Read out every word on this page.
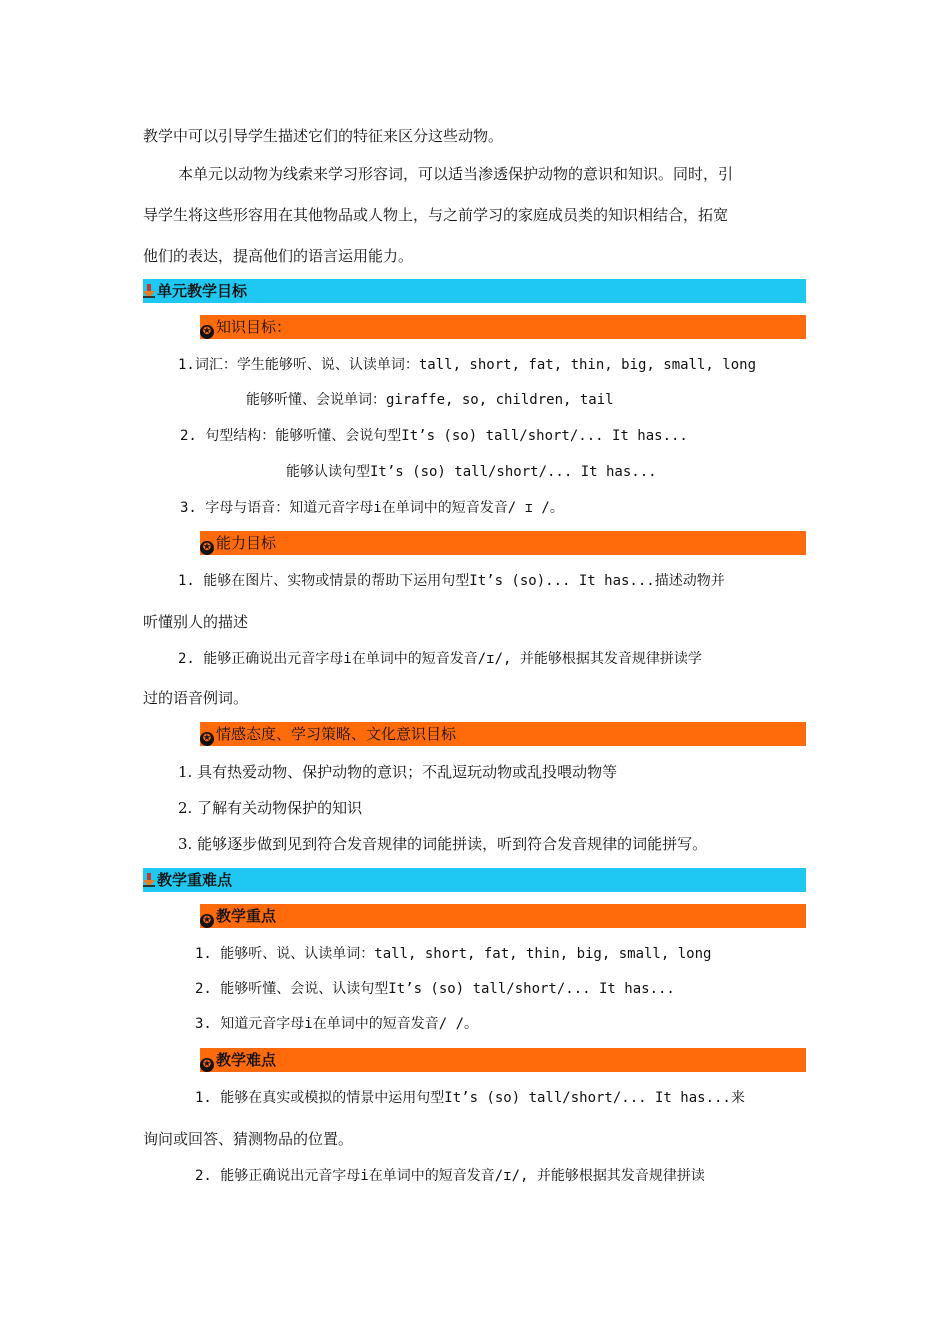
教学中可以引导学生描述它们的特征来区分这些动物。
本单元以动物为线索来学习形容词，可以适当渗透保护动物的意识和知识。同时，引
导学生将这些形容用在其他物品或人物上，与之前学习的家庭成员类的知识相结合，拓宽
他们的表达，提高他们的语言运用能力。
单元教学目标
✪ 知识目标：
1.词汇：学生能够听、说、认读单词：tall, short, fat, thin, big, small, long
能够听懂、会说单词：giraffe, so, children, tail
2. 句型结构：能够听懂、会说句型It’s (so) tall/short/... It has...
能够认读句型It’s (so) tall/short/... It has...
3. 字母与语音：知道元音字母i在单词中的短音发音/ ɪ /。
✪ 能力目标
1. 能够在图片、实物或情景的帮助下运用句型It’s (so)... It has...描述动物并
听懂别人的描述
2. 能够正确说出元音字母i在单词中的短音发音/ɪ/, 并能够根据其发音规律拼读学
过的语音例词。
✪ 情感态度、学习策略、文化意识目标
1. 具有热爱动物、保护动物的意识；不乱逗玩动物或乱投喂动物等
2. 了解有关动物保护的知识
3. 能够逐步做到见到符合发音规律的词能拼读，听到符合发音规律的词能拼写。
教学重难点
✪ 教学重点
1. 能够听、说、认读单词：tall, short, fat, thin, big, small, long
2. 能够听懂、会说、认读句型It’s (so) tall/short/... It has...
3. 知道元音字母i在单词中的短音发音/ /。
✪ 教学难点
1. 能够在真实或模拟的情景中运用句型It’s (so) tall/short/... It has...来
询问或回答、猜测物品的位置。
2. 能够正确说出元音字母i在单词中的短音发音/ɪ/, 并能够根据其发音规律拼读
